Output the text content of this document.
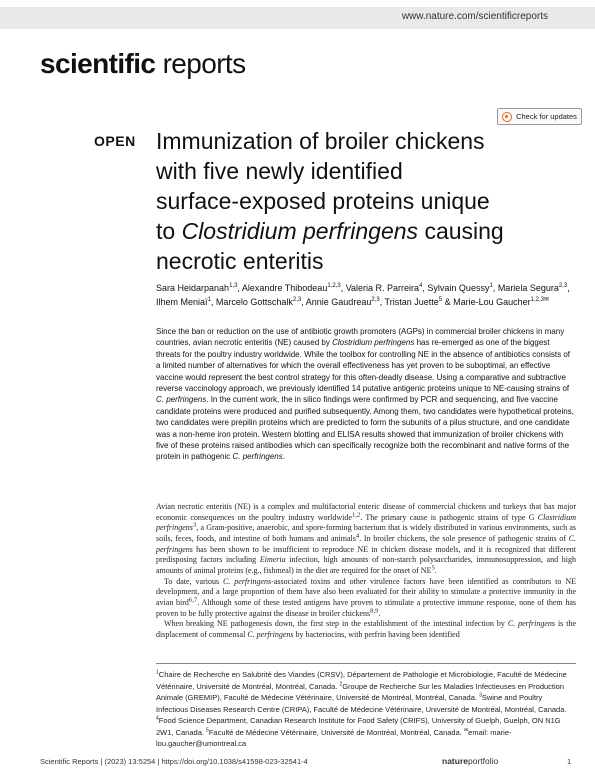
www.nature.com/scientificreports
scientific reports
OPEN
Check for updates
Immunization of broiler chickens
with five newly identified
surface-exposed proteins unique
to Clostridium perfringens causing
necrotic enteritis
Sara Heidarpanah$^{1,3}$, Alexandre Thibodeau$^{1,2,3}$, Valeria R. Parreira$^4$, Sylvain Quessy$^1$, Mariela Segura$^{2,3}$, Ilhem Meniaï$^1$, Marcelo Gottschalk$^{2,3}$, Annie Gaudreau$^{2,3}$, Tristan Juette$^5$ & Marie-Lou Gaucher$^{1,2,3✉}$
Since the ban or reduction on the use of antibiotic growth promoters (AGPs) in commercial broiler chickens in many countries, avian necrotic enteritis (NE) caused by Clostridium perfringens has re-emerged as one of the biggest threats for the poultry industry worldwide. While the toolbox for controlling NE in the absence of antibiotics consists of a limited number of alternatives for which the overall effectiveness has yet proven to be suboptimal, an effective vaccine would represent the best control strategy for this often-deadly disease. Using a comparative and subtractive reverse vaccinology approach, we previously identified 14 putative antigenic proteins unique to NE-causing strains of C. perfringens. In the current work, the in silico findings were confirmed by PCR and sequencing, and five vaccine candidate proteins were produced and purified subsequently. Among them, two candidates were hypothetical proteins, two candidates were prepilin proteins which are predicted to form the subunits of a pilus structure, and one candidate was a non-heme iron protein. Western blotting and ELISA results showed that immunization of broiler chickens with five of these proteins raised antibodies which can specifically recognize both the recombinant and native forms of the protein in pathogenic C. perfringens.

Avian necrotic enteritis (NE) is a complex and multifactorial enteric disease of commercial chickens and turkeys that has major economic consequences on the poultry industry worldwide$^{1,2}$. The primary cause is pathogenic strains of type G Clostridium perfringens$^3$, a Gram-positive, anaerobic, and spore-forming bacterium that is widely distributed in various environments, such as soils, feces, foods, and intestine of both humans and animals$^4$. In broiler chickens, the sole presence of pathogenic strains of C. perfringens has been shown to be insufficient to reproduce NE in chicken disease models, and it is recognized that different predisposing factors including Eimeria infection, high amounts of non-starch polysaccharides, immunosuppression, and high amounts of animal proteins (e.g., fishmeal) in the diet are required for the onset of $NE^5$.

To date, various C. perfringens-associated toxins and other virulence factors have been identified as contributors to NE development, and a large proportion of them have also been evaluated for their ability to stimulate a protective immunity in the avian bird$^{6,7}$. Although some of these tested antigens have proven to stimulate a protective immune response, none of them has proven to be fully protective against the disease in broiler chickens$^{8,9}$.

When breaking NE pathogenesis down, the first step in the establishment of the intestinal infection by C. perfringens is the displacement of commensal C. perfringens by bacteriocins, with perfrin having been identified

$^1$Chaire de Recherche en Salubrité des Viandes (CRSV), Département de Pathologie et Microbiologie, Faculté de Médecine Vétérinaire, Université de Montréal, Montréal, Canada. $^2$Groupe de Recherche Sur les Maladies Infectieuses en Production Animale (GREMIP), Faculté de Médecine Vétérinaire, Université de Montréal, Montréal, Canada. $^3$Swine and Poultry Infectious Diseases Research Centre (CRIPA), Faculté de Médecine Vétérinaire, Université de Montréal, Montréal, Canada. $^4$Food Science Department, Canadian Research Institute for Food Safety (CRIFS), University of Guelph, Guelph, ON N1G 2W1, Canada. $^5$Faculté de Médecine Vétérinaire, Université de Montréal, Montréal, Canada. ✉email: marie-lou.gaucher@umontreal.ca
Scientific Reports | (2023) 13:5254 | https://doi.org/10.1038/s41598-023-32541-4	natureportfolio	1
